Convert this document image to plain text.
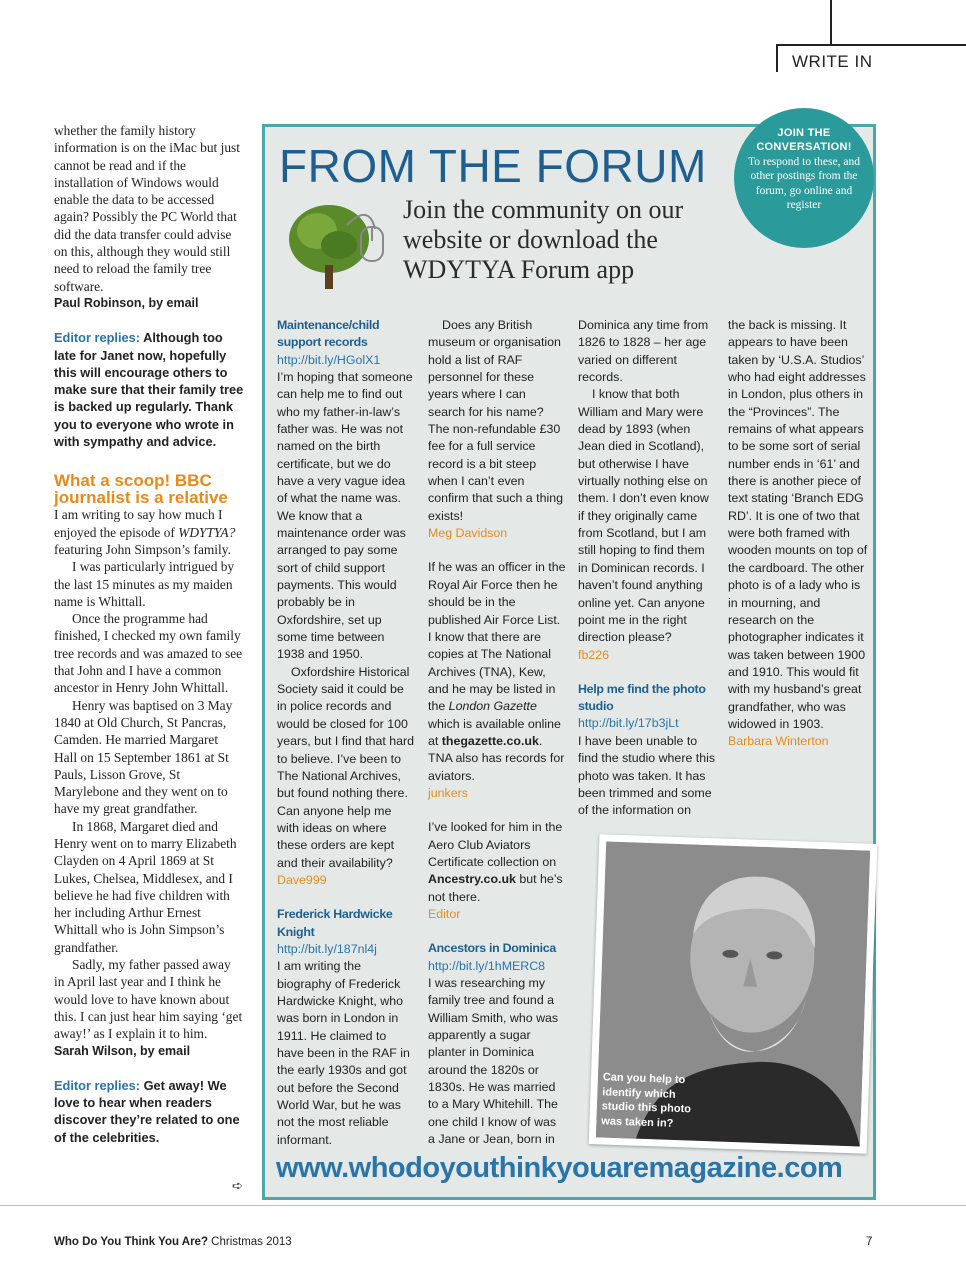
WRITE IN

whether the family history information is on the iMac but just cannot be read and if the installation of Windows would enable the data to be accessed again? Possibly the PC World that did the data transfer could advise on this, although they would still need to reload the family tree software.

Paul Robinson, by email

Editor replies: Although too late for Janet now, hopefully this will encourage others to make sure that their family tree is backed up regularly. Thank you to everyone who wrote in with sympathy and advice.

What a scoop! BBC journalist is a relative

I am writing to say how much I enjoyed the episode of WDYTYA? featuring John Simpson’s family.

I was particularly intrigued by the last 15 minutes as my maiden name is Whittall.

Once the programme had finished, I checked my own family tree records and was amazed to see that John and I have a common ancestor in Henry John Whittall.

Henry was baptised on 3 May 1840 at Old Church, St Pancras, Camden. He married Margaret Hall on 15 September 1861 at St Pauls, Lisson Grove, St Marylebone and they went on to have my great grandfather.

In 1868, Margaret died and Henry went on to marry Elizabeth Clayden on 4 April 1869 at St Lukes, Chelsea, Middlesex, and I believe he had five children with her including Arthur Ernest Whittall who is John Simpson’s grandfather.

Sadly, my father passed away in April last year and I think he would love to have known about this. I can just hear him saying ‘get away!’ as I explain it to him.

Sarah Wilson, by email

Editor replies: Get away! We love to hear when readers discover they’re related to one of the celebrities.

➪
FROM THE FORUM
Join the community on our website or download the WDYTYA Forum app
Maintenance/child support records

http://bit.ly/HGolX1

I’m hoping that someone can help me to find out who my father-in-law’s father was. He was not named on the birth certificate, but we do have a very vague idea of what the name was. We know that a maintenance order was arranged to pay some sort of child support payments. This would probably be in Oxfordshire, set up some time between 1938 and 1950.

Oxfordshire Historical Society said it could be in police records and would be closed for 100 years, but I find that hard to believe. I’ve been to The National Archives, but found nothing there. Can anyone help me with ideas on where these orders are kept and their availability?

Dave999

Frederick Hardwicke Knight

http://bit.ly/187nl4j

I am writing the biography of Frederick Hardwicke Knight, who was born in London in 1911. He claimed to have been in the RAF in the early 1930s and got out before the Second World War, but he was not the most reliable informant.

Does any British museum or organisation hold a list of RAF personnel for these years where I can search for his name? The non-refundable £30 fee for a full service record is a bit steep when I can’t even confirm that such a thing exists!

Meg Davidson

If he was an officer in the Royal Air Force then he should be in the published Air Force List. I know that there are copies at The National Archives (TNA), Kew, and he may be listed in the London Gazette which is available online at thegazette.co.uk. TNA also has records for aviators.

junkers

I’ve looked for him in the Aero Club Aviators Certificate collection on Ancestry.co.uk but he’s not there.

Editor

Ancestors in Dominica

http://bit.ly/1hMERC8

I was researching my family tree and found a William Smith, who was apparently a sugar planter in Dominica around the 1820s or 1830s. He was married to a Mary Whitehill. The one child I know of was a Jane or Jean, born in

Dominica any time from 1826 to 1828 – her age varied on different records.

I know that both William and Mary were dead by 1893 (when Jean died in Scotland), but otherwise I have virtually nothing else on them. I don’t even know if they originally came from Scotland, but I am still hoping to find them in Dominican records. I haven’t found anything online yet. Can anyone point me in the right direction please?

fb226

Help me find the photo studio

http://bit.ly/17b3jLt

I have been unable to find the studio where this photo was taken. It has been trimmed and some of the information on

the back is missing. It appears to have been taken by ‘U.S.A. Studios’ who had eight addresses in London, plus others in the “Provinces”. The remains of what appears to be some sort of serial number ends in ‘61’ and there is another piece of text stating ‘Branch EDG RD’. It is one of two that were both framed with wooden mounts on top of the cardboard. The other photo is of a lady who is in mourning, and research on the photographer indicates it was taken between 1900 and 1910. This would fit with my husband’s great grandfather, who was widowed in 1903.

Barbara Winterton

JOIN THE CONVERSATION!
To respond to these, and other postings from the forum, go online and register
Can you help to identify which studio this photo was taken in?
www.whodoyouthinkyouaremagazine.com
Who Do You Think You Are? Christmas 2013	7
